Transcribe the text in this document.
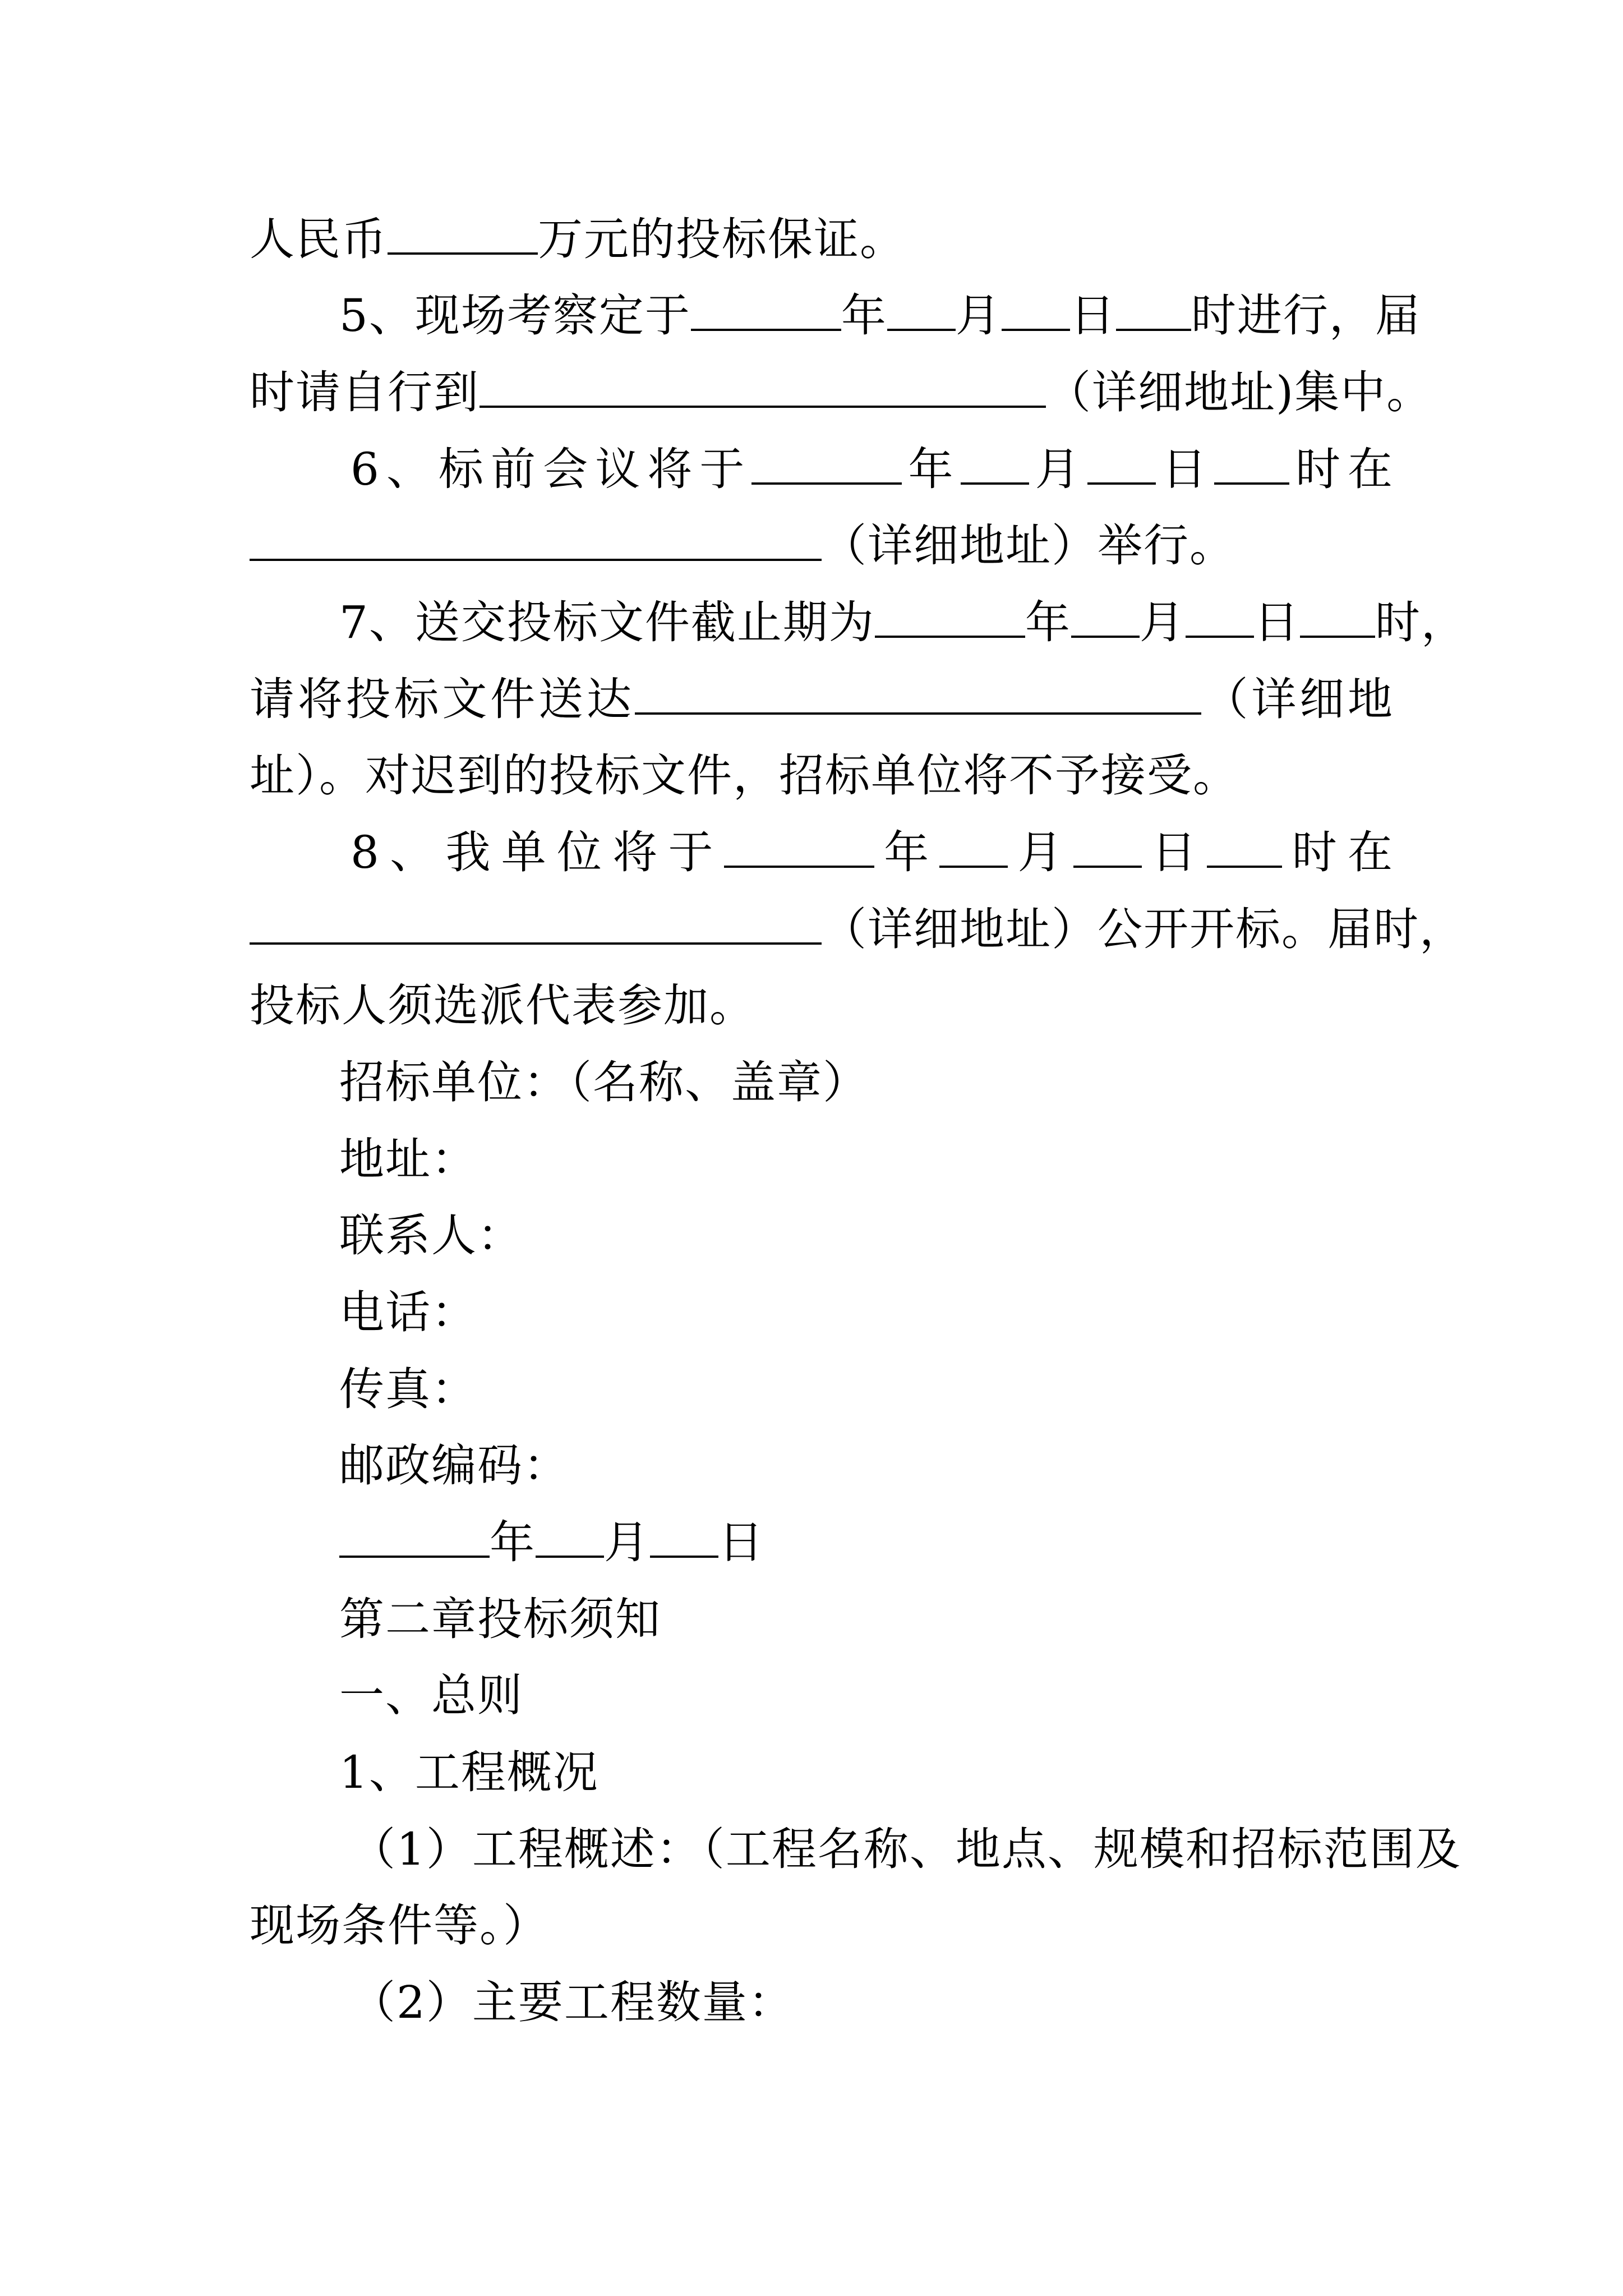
人民币	万元的投标保证。
5、现场考察定于	年 月 日 时进行，届
时请自行到	（详细地址)集中。
6、标前会议将于	年 月 日 时在
（详细地址）举行。
7、送交投标文件截止期为	年 月 日 时，
请将投标文件送达	（详细地
址）。对迟到的投标文件，招标单位将不予接受。
8、我单位将于	年 月 日 时在
（详细地址）公开开标。届时，
投标人须选派代表参加。
招标单位：（名称、盖章）
地址：
联系人：
电话：
传真：
邮政编码：
年 月 日
第二章投标须知
一、总则
1、工程概况
（1）工程概述：（工程名称、地点、规模和招标范围及
现场条件等。）
（2）主要工程数量：
